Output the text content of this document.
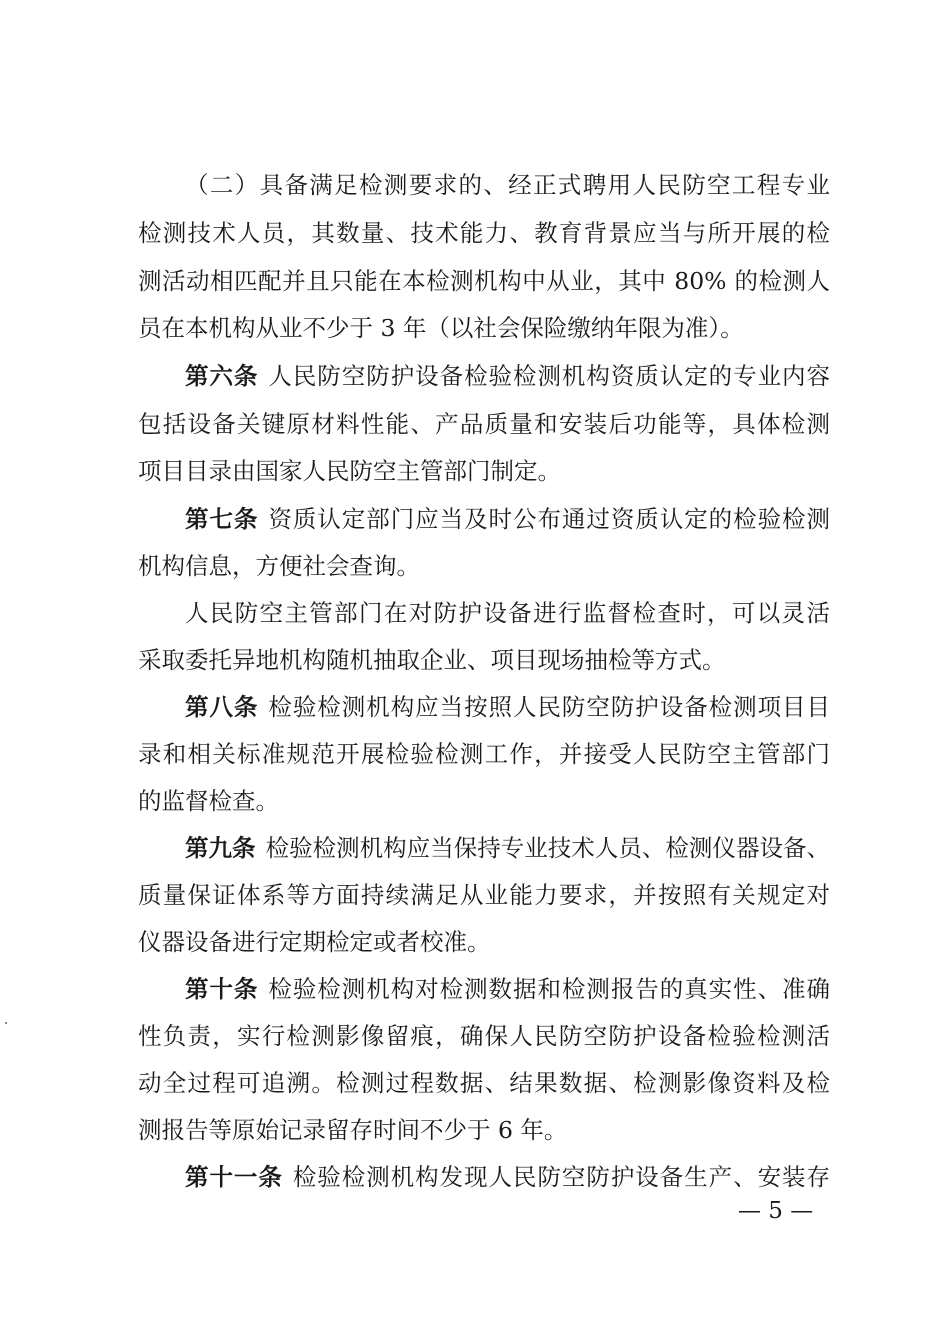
（二）具备满足检测要求的、经正式聘用人民防空工程专业
检测技术人员，其数量、技术能力、教育背景应当与所开展的检
测活动相匹配并且只能在本检测机构中从业，其中 80% 的检测人
员在本机构从业不少于 3 年（以社会保险缴纳年限为准）。
第六条 人民防空防护设备检验检测机构资质认定的专业内容
包括设备关键原材料性能、产品质量和安装后功能等，具体检测
项目目录由国家人民防空主管部门制定。
第七条 资质认定部门应当及时公布通过资质认定的检验检测
机构信息，方便社会查询。
人民防空主管部门在对防护设备进行监督检查时，可以灵活
采取委托异地机构随机抽取企业、项目现场抽检等方式。
第八条 检验检测机构应当按照人民防空防护设备检测项目目
录和相关标准规范开展检验检测工作，并接受人民防空主管部门
的监督检查。
第九条 检验检测机构应当保持专业技术人员、检测仪器设备、
质量保证体系等方面持续满足从业能力要求，并按照有关规定对
仪器设备进行定期检定或者校准。
第十条 检验检测机构对检测数据和检测报告的真实性、准确
性负责，实行检测影像留痕，确保人民防空防护设备检验检测活
动全过程可追溯。检测过程数据、结果数据、检测影像资料及检
测报告等原始记录留存时间不少于 6 年。
第十一条 检验检测机构发现人民防空防护设备生产、安装存
— 5 —
